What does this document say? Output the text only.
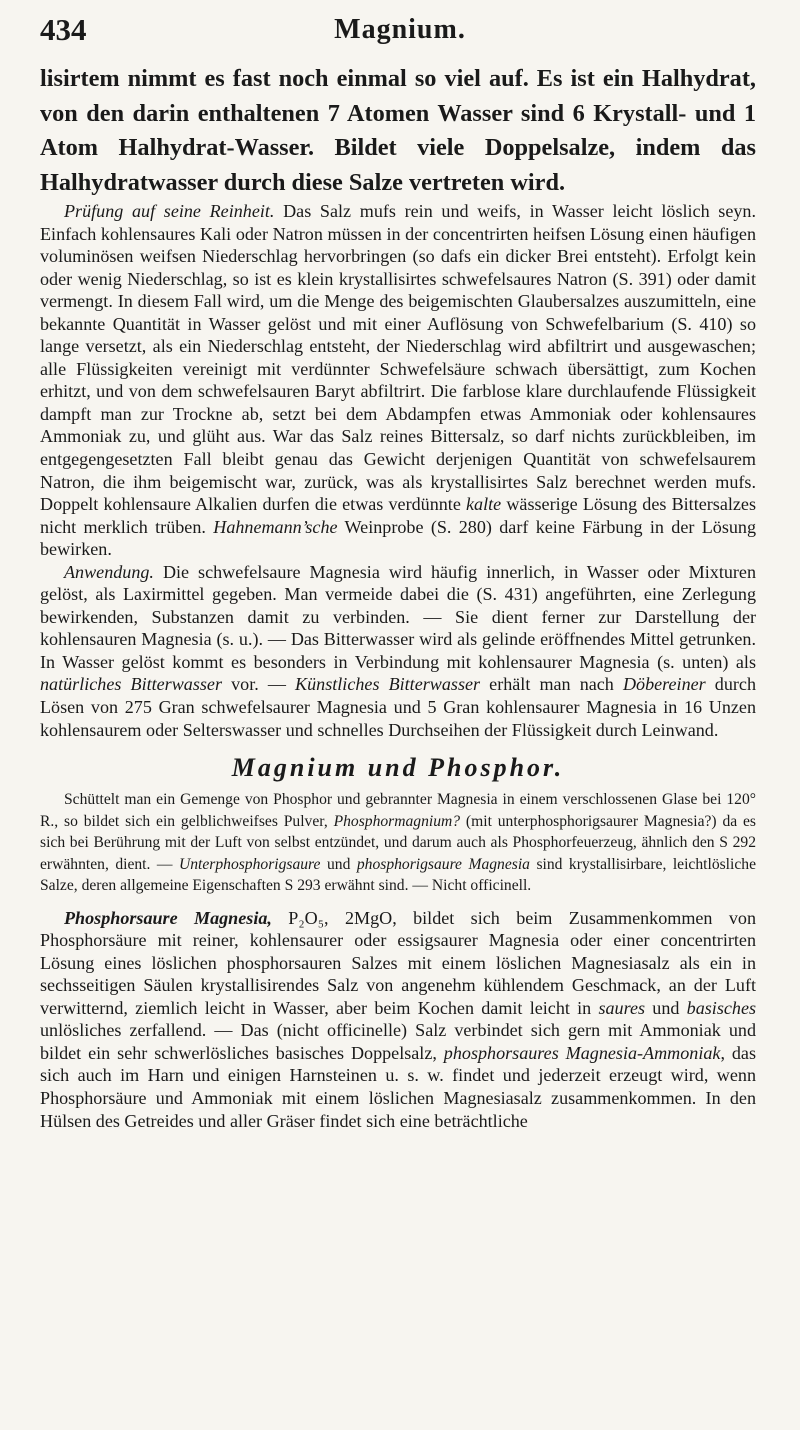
434	Magnium.

lisirtem nimmt es fast noch einmal so viel auf. Es ist ein Halhydrat, von den darin enthaltenen 7 Atomen Wasser sind 6 Krystall- und 1 Atom Halhydrat-Wasser. Bildet viele Doppelsalze, indem das Halhydratwasser durch diese Salze vertreten wird.

Prüfung auf seine Reinheit. Das Salz mufs rein und weifs, in Wasser leicht löslich seyn. Einfach kohlensaures Kali oder Natron müssen in der concentrirten heifsen Lösung einen häufigen voluminösen weifsen Niederschlag hervorbringen (so dafs ein dicker Brei entsteht). Erfolgt kein oder wenig Niederschlag, so ist es klein krystallisirtes schwefelsaures Natron (S. 391) oder damit vermengt. In diesem Fall wird, um die Menge des beigemischten Glaubersalzes auszumitteln, eine bekannte Quantität in Wasser gelöst und mit einer Auflösung von Schwefelbarium (S. 410) so lange versetzt, als ein Niederschlag entsteht, der Niederschlag wird abfiltrirt und ausgewaschen; alle Flüssigkeiten vereinigt mit verdünnter Schwefelsäure schwach übersättigt, zum Kochen erhitzt, und von dem schwefelsauren Baryt abfiltrirt. Die farblose klare durchlaufende Flüssigkeit dampft man zur Trockne ab, setzt bei dem Abdampfen etwas Ammoniak oder kohlensaures Ammoniak zu, und glüht aus. War das Salz reines Bittersalz, so darf nichts zurückbleiben, im entgegengesetzten Fall bleibt genau das Gewicht derjenigen Quantität von schwefelsaurem Natron, die ihm beigemischt war, zurück, was als krystallisirtes Salz berechnet werden mufs. Doppelt kohlensaure Alkalien durfen die etwas verdünnte kalte wässerige Lösung des Bittersalzes nicht merklich trüben. Hahnemann’sche Weinprobe (S. 280) darf keine Färbung in der Lösung bewirken.

Anwendung. Die schwefelsaure Magnesia wird häufig innerlich, in Wasser oder Mixturen gelöst, als Laxirmittel gegeben. Man vermeide dabei die (S. 431) angeführten, eine Zerlegung bewirkenden, Substanzen damit zu verbinden. — Sie dient ferner zur Darstellung der kohlensauren Magnesia (s. u.). — Das Bitterwasser wird als gelinde eröffnendes Mittel getrunken. In Wasser gelöst kommt es besonders in Verbindung mit kohlensaurer Magnesia (s. unten) als natürliches Bitterwasser vor. — Künstliches Bitterwasser erhält man nach Döbereiner durch Lösen von 275 Gran schwefelsaurer Magnesia und 5 Gran kohlensaurer Magnesia in 16 Unzen kohlensaurem oder Selterswasser und schnelles Durchseihen der Flüssigkeit durch Leinwand.

Magnium und Phosphor.

Schüttelt man ein Gemenge von Phosphor und gebrannter Magnesia in einem verschlossenen Glase bei 120° R., so bildet sich ein gelblichweifses Pulver, Phosphormagnium? (mit unterphosphorigsaurer Magnesia?) da es sich bei Berührung mit der Luft von selbst entzündet, und darum auch als Phosphorfeuerzeug, ähnlich den S 292 erwähnten, dient. — Unterphosphorigsaure und phosphorigsaure Magnesia sind krystallisirbare, leichtlösliche Salze, deren allgemeine Eigenschaften S 293 erwähnt sind. — Nicht officinell.

Phosphorsaure Magnesia, P₂O₅, 2MgO, bildet sich beim Zusammenkommen von Phosphorsäure mit reiner, kohlensaurer oder essigsaurer Magnesia oder einer concentrirten Lösung eines löslichen phosphorsauren Salzes mit einem löslichen Magnesiasalz als ein in sechsseitigen Säulen krystallisirendes Salz von angenehm kühlendem Geschmack, an der Luft verwitternd, ziemlich leicht in Wasser, aber beim Kochen damit leicht in saures und basisches unlösliches zerfallend. — Das (nicht officinelle) Salz verbindet sich gern mit Ammoniak und bildet ein sehr schwerlösliches basisches Doppelsalz, phosphorsaures Magnesia-Ammoniak, das sich auch im Harn und einigen Harnsteinen u. s. w. findet und jederzeit erzeugt wird, wenn Phosphorsäure und Ammoniak mit einem löslichen Magnesiasalz zusammenkommen. In den Hülsen des Getreides und aller Gräser findet sich eine beträchtliche
